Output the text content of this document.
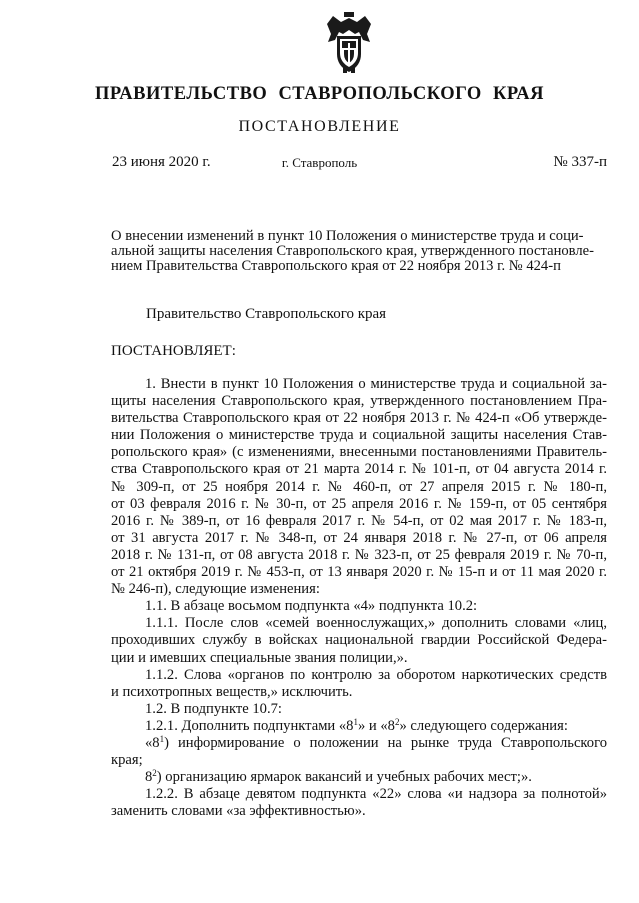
ПРАВИТЕЛЬСТВО СТАВРОПОЛЬСКОГО КРАЯ
ПОСТАНОВЛЕНИЕ
23 июня 2020 г.	г. Ставрополь	№ 337-п
О внесении изменений в пункт 10 Положения о министерстве труда и соци-
альной защиты населения Ставропольского края, утвержденного постановле-
нием Правительства Ставропольского края от 22 ноября 2013 г. № 424-п
Правительство Ставропольского края
ПОСТАНОВЛЯЕТ:
1. Внести в пункт 10 Положения о министерстве труда и социальной за-
щиты населения Ставропольского края, утвержденного постановлением Пра-
вительства Ставропольского края от 22 ноября 2013 г. № 424-п «Об утвержде-
нии Положения о министерстве труда и социальной защиты населения Став-
ропольского края» (с изменениями, внесенными постановлениями Правитель-
ства Ставропольского края от 21 марта 2014 г. № 101-п, от 04 августа 2014 г.
№ 309-п, от 25 ноября 2014 г. № 460-п, от 27 апреля 2015 г. № 180-п,
от 03 февраля 2016 г. № 30-п, от 25 апреля 2016 г. № 159-п, от 05 сентября
2016 г. № 389-п, от 16 февраля 2017 г. № 54-п, от 02 мая 2017 г. № 183-п,
от 31 августа 2017 г. № 348-п, от 24 января 2018 г. № 27-п, от 06 апреля
2018 г. № 131-п, от 08 августа 2018 г. № 323-п, от 25 февраля 2019 г. № 70-п,
от 21 октября 2019 г. № 453-п, от 13 января 2020 г. № 15-п и от 11 мая 2020 г.
№ 246-п), следующие изменения:
1.1. В абзаце восьмом подпункта «4» подпункта 10.2:
1.1.1. После слов «семей военнослужащих,» дополнить словами «лиц,
проходивших службу в войсках национальной гвардии Российской Федера-
ции и имевших специальные звания полиции,».
1.1.2. Слова «органов по контролю за оборотом наркотических средств
и психотропных веществ,» исключить.
1.2. В подпункте 10.7:
1.2.1. Дополнить подпунктами «$8^1$» и «$8^2$» следующего содержания:
«$8^1$) информирование о положении на рынке труда Ставропольского
края;
$8^2$) организацию ярмарок вакансий и учебных рабочих мест;».
1.2.2. В абзаце девятом подпункта «22» слова «и надзора за полнотой»
заменить словами «за эффективностью».
